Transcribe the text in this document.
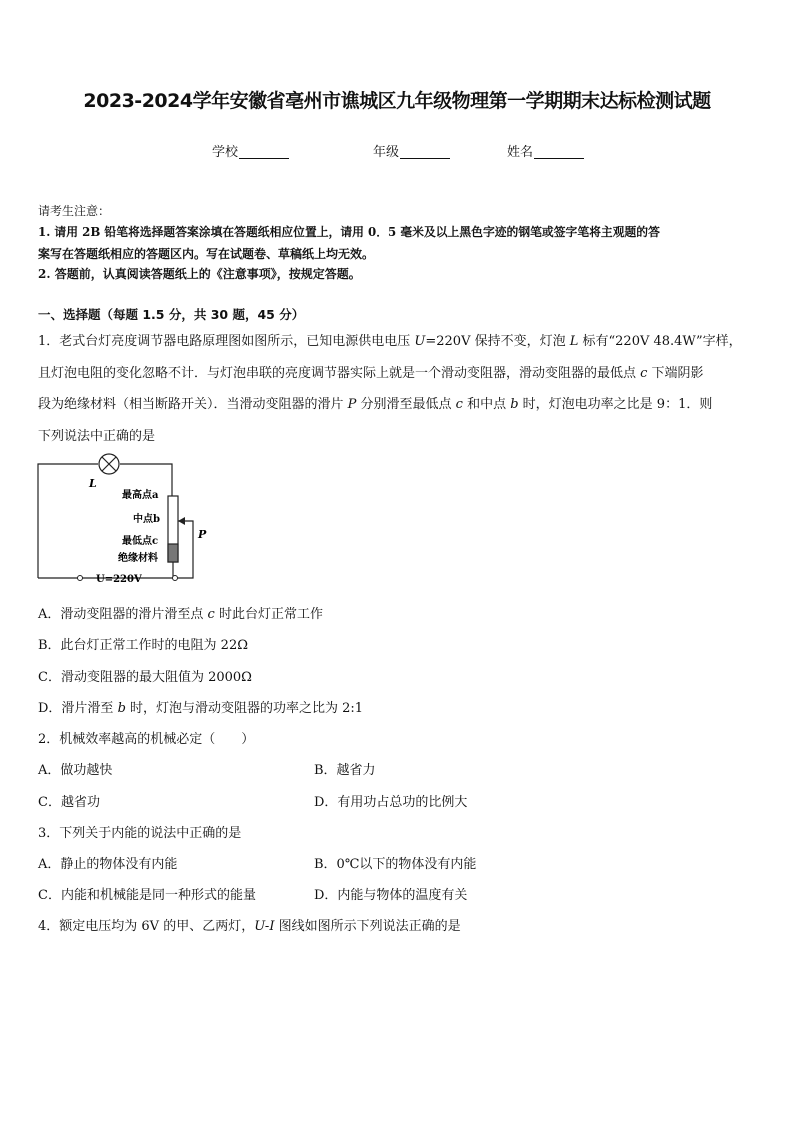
2023-2024学年安徽省亳州市谯城区九年级物理第一学期期末达标检测试题
学校	年级	姓名
请考生注意：
1. 请用 2B 铅笔将选择题答案涂填在答题纸相应位置上，请用 0．5 毫米及以上黑色字迹的钢笔或签字笔将主观题的答
案写在答题纸相应的答题区内。写在试题卷、草稿纸上均无效。
2. 答题前，认真阅读答题纸上的《注意事项》，按规定答题。
一、选择题（每题 1.5 分，共 30 题，45 分）
1．老式台灯亮度调节器电路原理图如图所示，已知电源供电电压 U=220V 保持不变，灯泡 L 标有“220V 48.4W”字样，
且灯泡电阻的变化忽略不计．与灯泡串联的亮度调节器实际上就是一个滑动变阻器，滑动变阻器的最低点 c 下端阴影
段为绝缘材料（相当断路开关）．当滑动变阻器的滑片 P 分别滑至最低点 c 和中点 b 时，灯泡电功率之比是 9：1．则
下列说法中正确的是
L
最高点a
中点b
最低点c
绝缘材料
P
U=220V
A．滑动变阻器的滑片滑至点 c 时此台灯正常工作
B．此台灯正常工作时的电阻为 22Ω
C．滑动变阻器的最大阻值为 2000Ω
D．滑片滑至 b 时，灯泡与滑动变阻器的功率之比为 2:1
2．机械效率越高的机械必定（　　）
A．做功越快	B．越省力
C．越省功	D．有用功占总功的比例大
3．下列关于内能的说法中正确的是
A．静止的物体没有内能	B．0℃以下的物体没有内能
C．内能和机械能是同一种形式的能量	D．内能与物体的温度有关
4．额定电压均为 6V 的甲、乙两灯，U-I 图线如图所示下列说法正确的是
